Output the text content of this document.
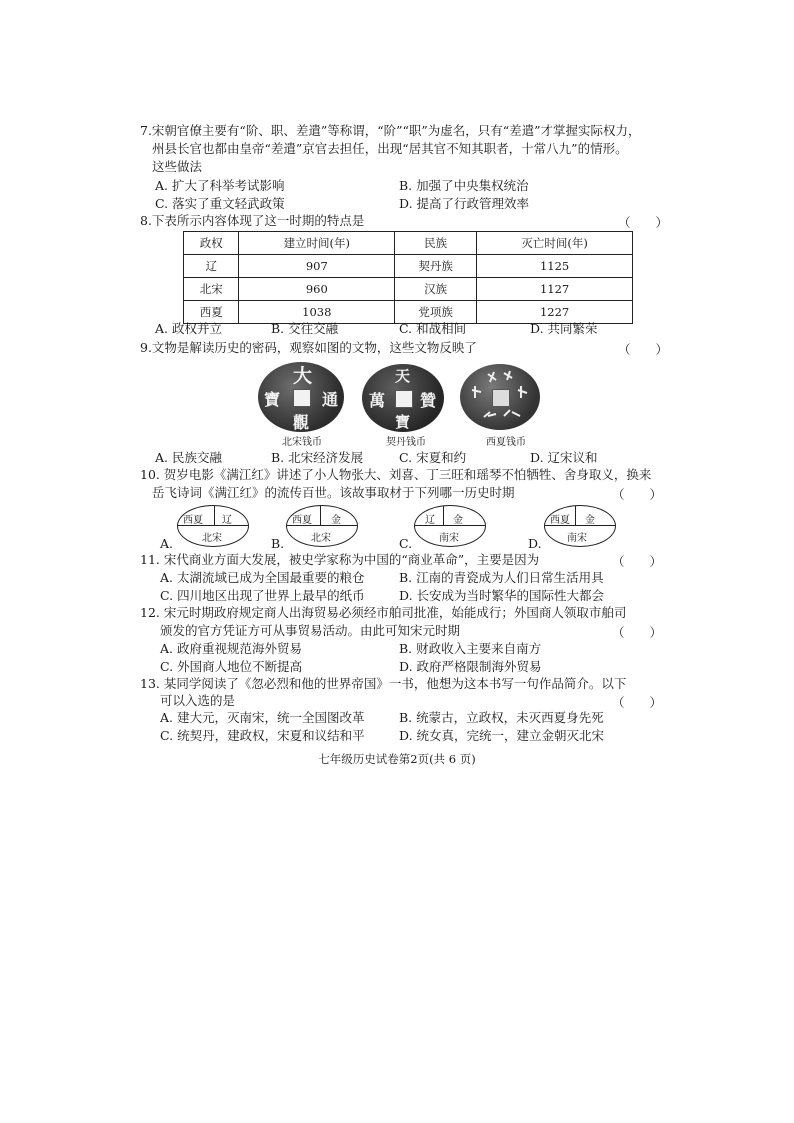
7.宋朝官僚主要有“阶、职、差遣”等称谓，“阶”“职”为虚名，只有“差遣”才掌握实际权力，
州县长官也都由皇帝“差遣”京官去担任，出现“居其官不知其职者，十常八九”的情形。
这些做法
A. 扩大了科举考试影响	B. 加强了中央集权统治
C. 落实了重文轻武政策	D. 提高了行政管理效率
8.下表所示内容体现了这一时期的特点是	（　　）
政权	建立时间(年)	民族	灭亡时间(年)
辽	907	契丹族	1125
北宋	960	汉族	1127
西夏	1038	党项族	1227
A. 政权并立	B. 交往交融	C. 和战相间	D. 共同繁荣
9.文物是解读历史的密码，观察如图的文物，这些文物反映了	（　　）
大
通
觀
寶
北宋钱币
天
贊
寶
萬
契丹钱币	西夏钱币
A. 民族交融	B. 北宋经济发展	C. 宋夏和约	D. 辽宋议和
10. 贺岁电影《满江红》讲述了小人物张大、刘喜、丁三旺和瑶琴不怕牺牲、舍身取义，换来
岳飞诗词《满江红》的流传百世。该故事取材于下列哪一历史时期	（　　）
A.
西夏 辽
北宋	B.
西夏 金
北宋	C.
辽 金
南宋	D.
西夏 金
南宋
11. 宋代商业方面大发展，被史学家称为中国的“商业革命”，主要是因为	（　　）
A. 太湖流域已成为全国最重要的粮仓	B. 江南的青瓷成为人们日常生活用具
C. 四川地区出现了世界上最早的纸币	D. 长安成为当时繁华的国际性大都会
12. 宋元时期政府规定商人出海贸易必须经市舶司批准，始能成行；外国商人领取市舶司
颁发的官方凭证方可从事贸易活动。由此可知宋元时期	（　　）
A. 政府重视规范海外贸易	B. 财政收入主要来自南方
C. 外国商人地位不断提高	D. 政府严格限制海外贸易
13. 某同学阅读了《忽必烈和他的世界帝国》一书，他想为这本书写一句作品简介。以下
可以入选的是	（　　）
A. 建大元，灭南宋，统一全国图改革	B. 统蒙古，立政权，未灭西夏身先死
C. 统契丹，建政权，宋夏和议结和平	D. 统女真，完统一，建立金朝灭北宋
七年级历史试卷第2页(共 6 页)
